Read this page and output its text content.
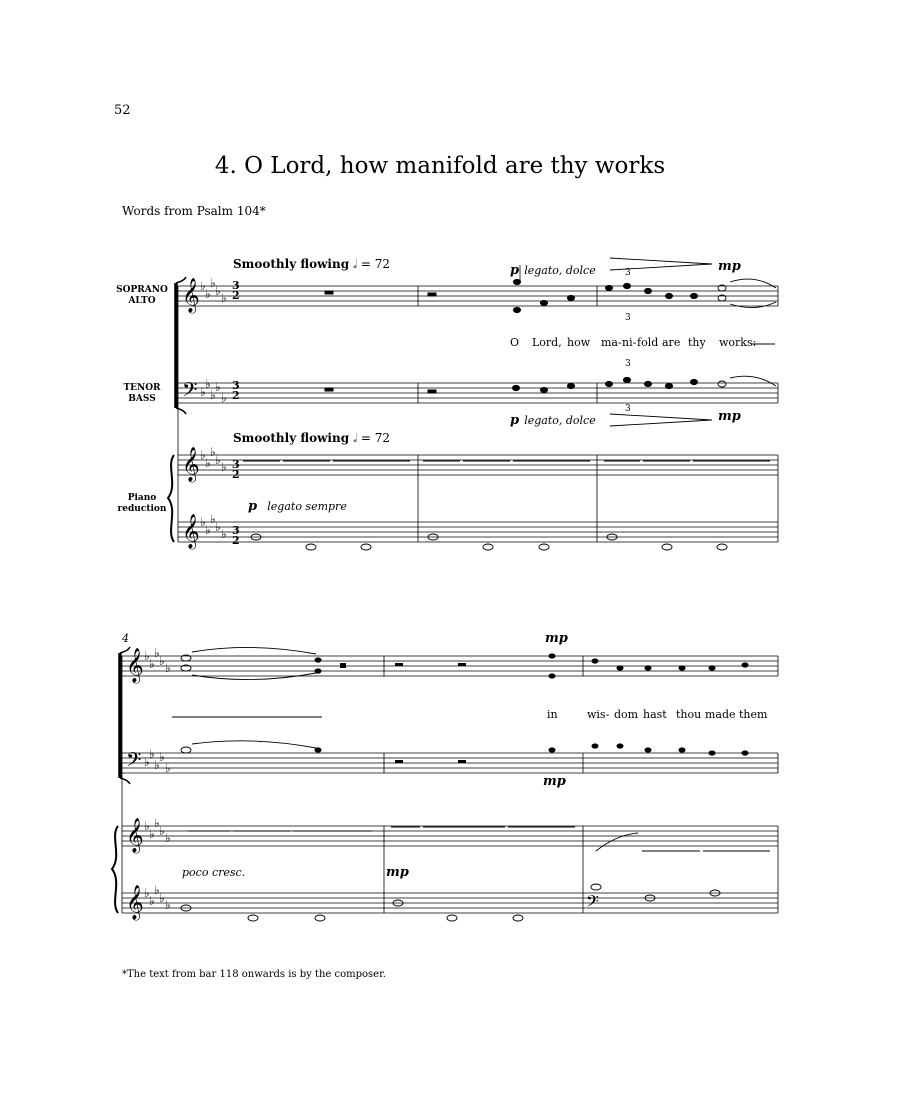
52
4. O Lord, how manifold are thy works
Words from Psalm 104*
Smoothly flowing 𝅗𝅥 = 72
Smoothly flowing 𝅗𝅥 = 72
SOPRANO
ALTO
TENOR
BASS
Piano
reduction
p legato, dolce	mp
p legato, dolce	mp
p legato sempre
3
3
3
3
O Lord, how ma- ni- fold are thy works:
4	mp
mp
mp
poco cresc.
in	wis- dom hast thou made them
*The text from bar 118 onwards is by the composer.
3
2
3
2
3
2
3
2
𝄞
𝄢
𝄞
𝄞
♭
♭
♭
♭ ♭
♭
♭
♭
♭
♭
♭
♭
♭
♭ ♭
♭
♭
♭
♭ ♭
𝄞
𝄢
𝄞
𝄞
♭
♭
♭
♭ ♭
♭
♭
♭
♭
♭
♭
♭
♭
♭ ♭
♭
♭
♭
♭ ♭	𝄢
